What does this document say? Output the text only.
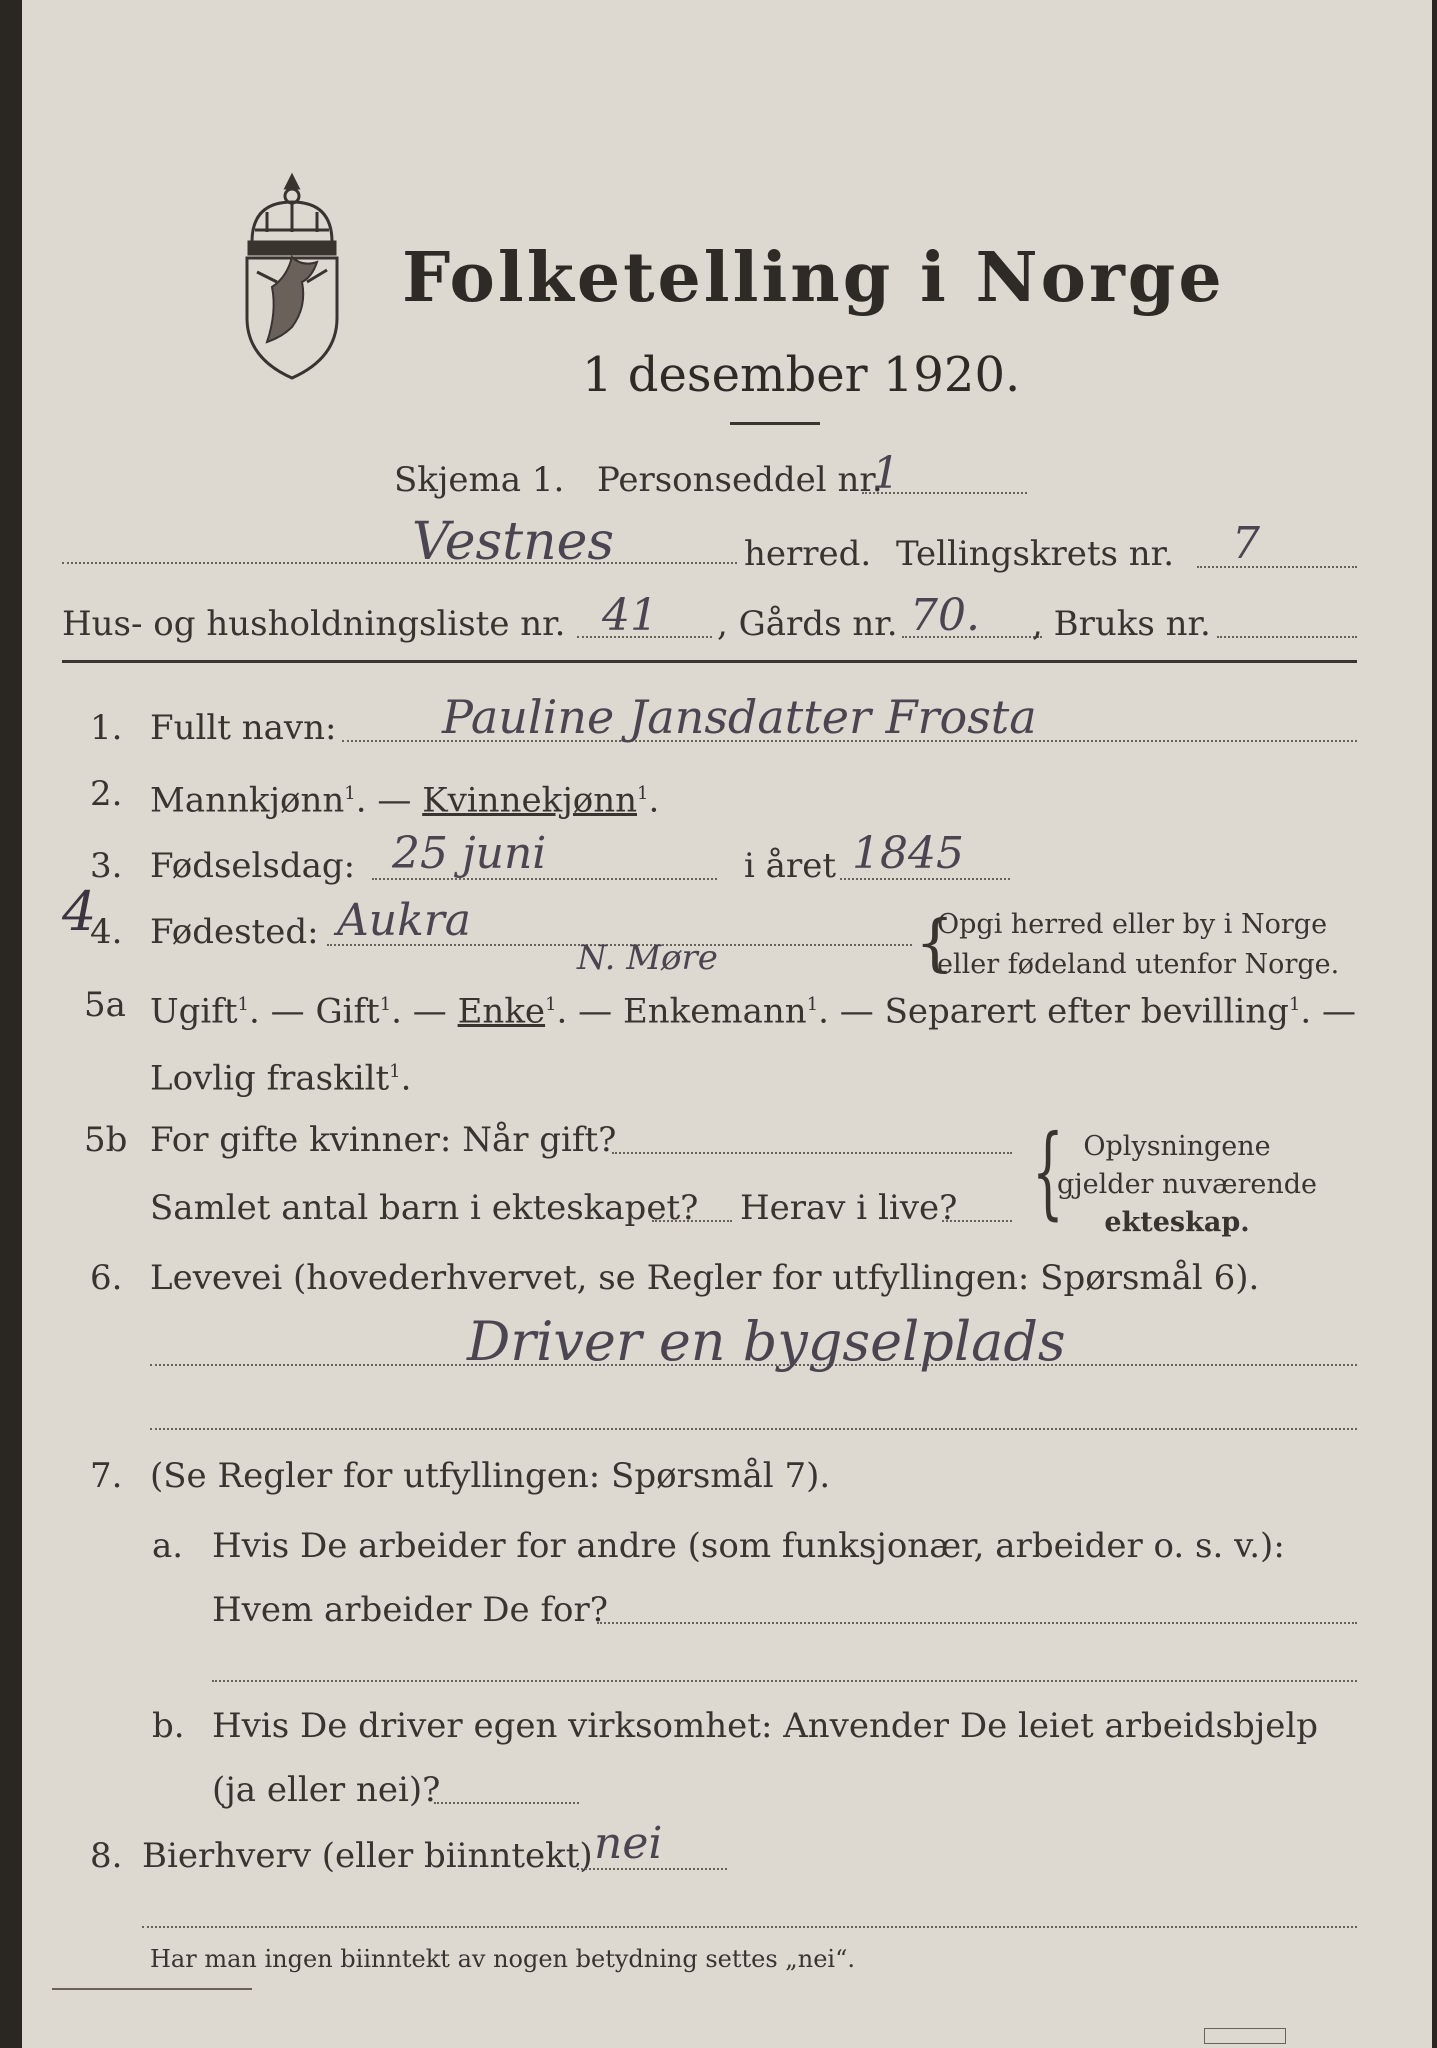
Folketelling i Norge
1 desember 1920.
Skjema 1. Personseddel nr.
1
Vestnes	herred. Tellingskrets nr. 7
Hus- og husholdningsliste nr. 41 , Gårds nr. 70. , Bruks nr.
1. Fullt navn: Pauline Jansdatter Frosta
2. Mannkjønn$^1$. — Kvinnekjønn$^1$.
3. Fødselsdag: 25 juni	i året 1845
4.
4 Fødested: Aukra
N. Møre	{
Opgi herred eller by i Norge
eller fødeland utenfor Norge.
5a Ugift$^1$. — Gift$^1$. — Enke$^1$. — Enkemann$^1$. — Separert efter bevilling$^1$. —
Lovlig fraskilt$^1$.
5b For gifte kvinner: Når gift?
Samlet antal barn i ekteskapet? Herav i live? { Oplysningene
gjelder nuværende
ekteskap.
6. Levevei (hovederhvervet, se Regler for utfyllingen: Spørsmål 6).
Driver en bygselplads
7. (Se Regler for utfyllingen: Spørsmål 7).
a. Hvis De arbeider for andre (som funksjonær, arbeider o. s. v.):
Hvem arbeider De for?
b. Hvis De driver egen virksomhet: Anvender De leiet arbeidsbjelp
(ja eller nei)?
8. Bierhverv (eller biinntekt) nei
Har man ingen biinntekt av nogen betydning settes „nei“.
